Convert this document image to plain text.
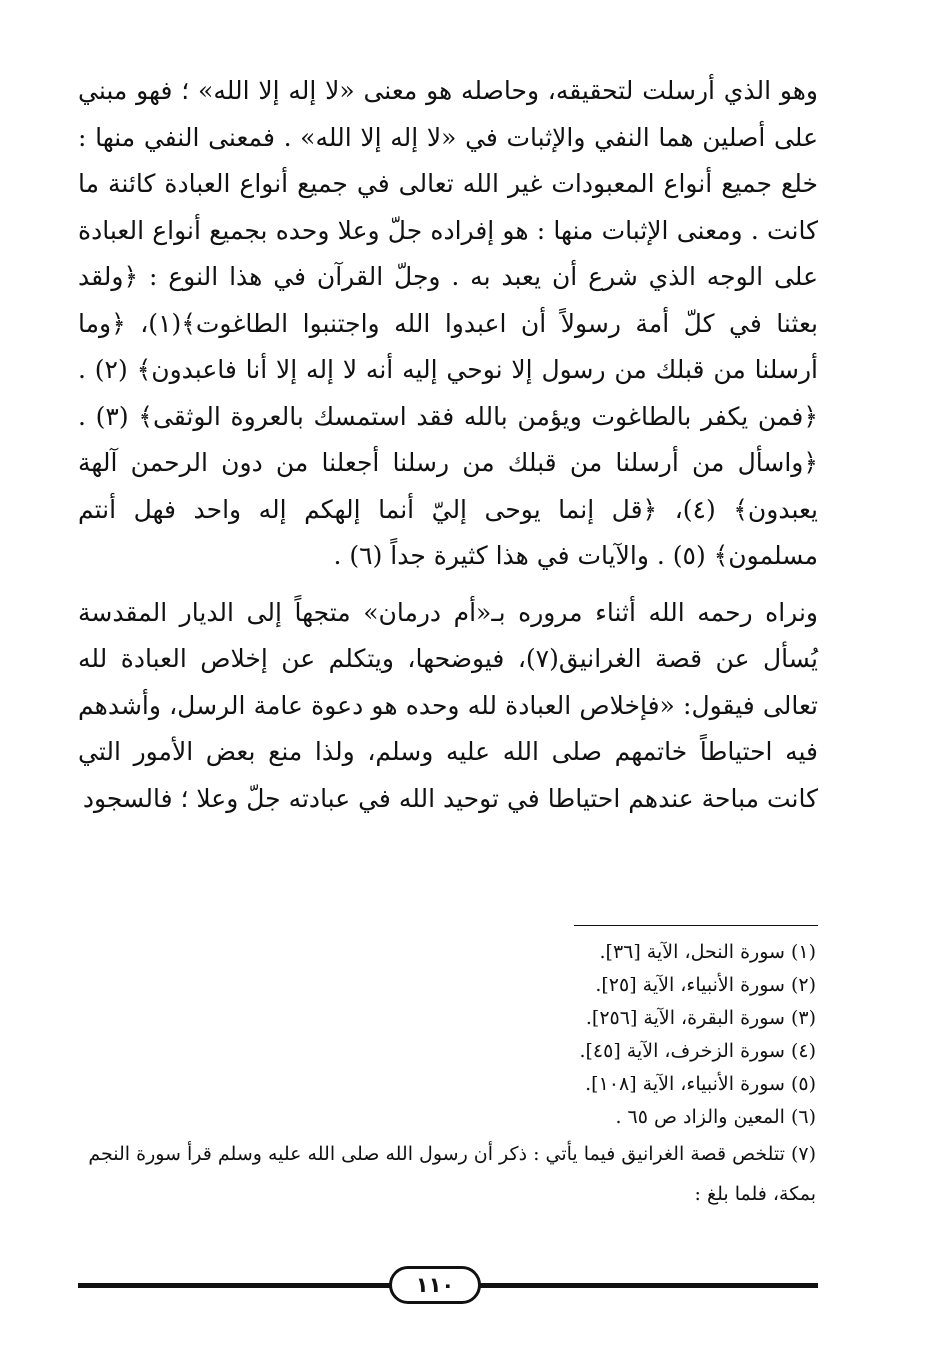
وهو الذي أرسلت لتحقيقه، وحاصله هو معنى «لا إله إلا الله» ؛ فهو مبني على أصلين هما النفي والإثبات في «لا إله إلا الله» . فمعنى النفي منها : خلع جميع أنواع المعبودات غير الله تعالى في جميع أنواع العبادة كائنة ما كانت . ومعنى الإثبات منها : هو إفراده جلّ وعلا وحده بجميع أنواع العبادة على الوجه الذي شرع أن يعبد به . وجلّ القرآن في هذا النوع : ﴿ولقد بعثنا في كلّ أمة رسولاً أن اعبدوا الله واجتنبوا الطاغوت﴾(١)، ﴿وما أرسلنا من قبلك من رسول إلا نوحي إليه أنه لا إله إلا أنا فاعبدون﴾ (٢) . ﴿فمن يكفر بالطاغوت ويؤمن بالله فقد استمسك بالعروة الوثقى﴾ (٣) . ﴿واسأل من أرسلنا من قبلك من رسلنا أجعلنا من دون الرحمن آلهة يعبدون﴾ (٤)، ﴿قل إنما يوحى إليّ أنما إلهكم إله واحد فهل أنتم مسلمون﴾ (٥) . والآيات في هذا كثيرة جداً (٦) .

ونراه رحمه الله أثناء مروره بـ«أم درمان» متجهاً إلى الديار المقدسة يُسأل عن قصة الغرانيق(٧)، فيوضحها، ويتكلم عن إخلاص العبادة لله تعالى فيقول: «فإخلاص العبادة لله وحده هو دعوة عامة الرسل، وأشدهم فيه احتياطاً خاتمهم صلى الله عليه وسلم، ولذا منع بعض الأمور التي كانت مباحة عندهم احتياطا في توحيد الله في عبادته جلّ وعلا ؛ فالسجود

(١)سورة النحل، الآية [٣٦].
(٢)سورة الأنبياء، الآية [٢٥].
(٣)سورة البقرة، الآية [٢٥٦].
(٤)سورة الزخرف، الآية [٤٥].
(٥)سورة الأنبياء، الآية [١٠٨].
(٦)المعين والزاد ص ٦٥ .
(٧)تتلخص قصة الغرانيق فيما يأتي : ذكر أن رسول الله صلى الله عليه وسلم قرأ سورة النجم بمكة، فلما بلغ :
١١٠
